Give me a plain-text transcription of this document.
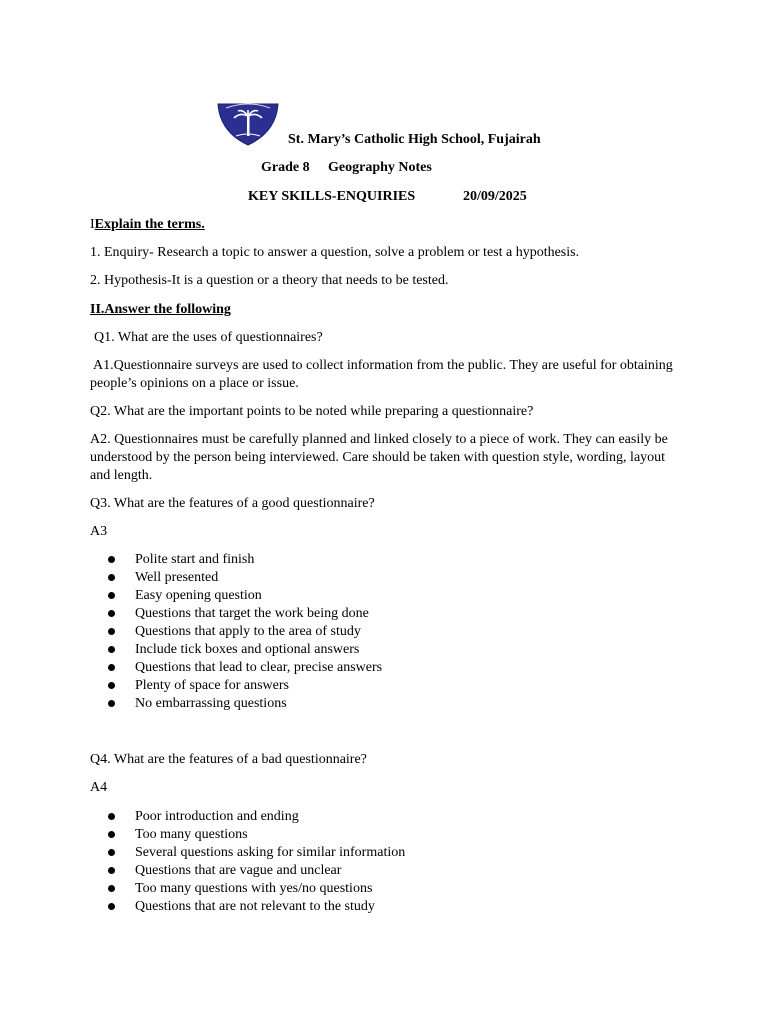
St. Mary’s Catholic High School, Fujairah
Grade 8 Geography Notes
KEY SKILLS-ENQUIRIES	20/09/2025
IExplain the terms.
1. Enquiry- Research a topic to answer a question, solve a problem or test a hypothesis.
2. Hypothesis-It is a question or a theory that needs to be tested.
II.Answer the following
Q1. What are the uses of questionnaires?
A1.Questionnaire surveys are used to collect information from the public. They are useful for obtaining people’s opinions on a place or issue.
Q2. What are the important points to be noted while preparing a questionnaire?
A2. Questionnaires must be carefully planned and linked closely to a piece of work. They can easily be understood by the person being interviewed. Care should be taken with question style, wording, layout and length.
Q3. What are the features of a good questionnaire?
A3
Polite start and finish
Well presented
Easy opening question
Questions that target the work being done
Questions that apply to the area of study
Include tick boxes and optional answers
Questions that lead to clear, precise answers
Plenty of space for answers
No embarrassing questions
Q4. What are the features of a bad questionnaire?
A4
Poor introduction and ending
Too many questions
Several questions asking for similar information
Questions that are vague and unclear
Too many questions with yes/no questions
Questions that are not relevant to the study
